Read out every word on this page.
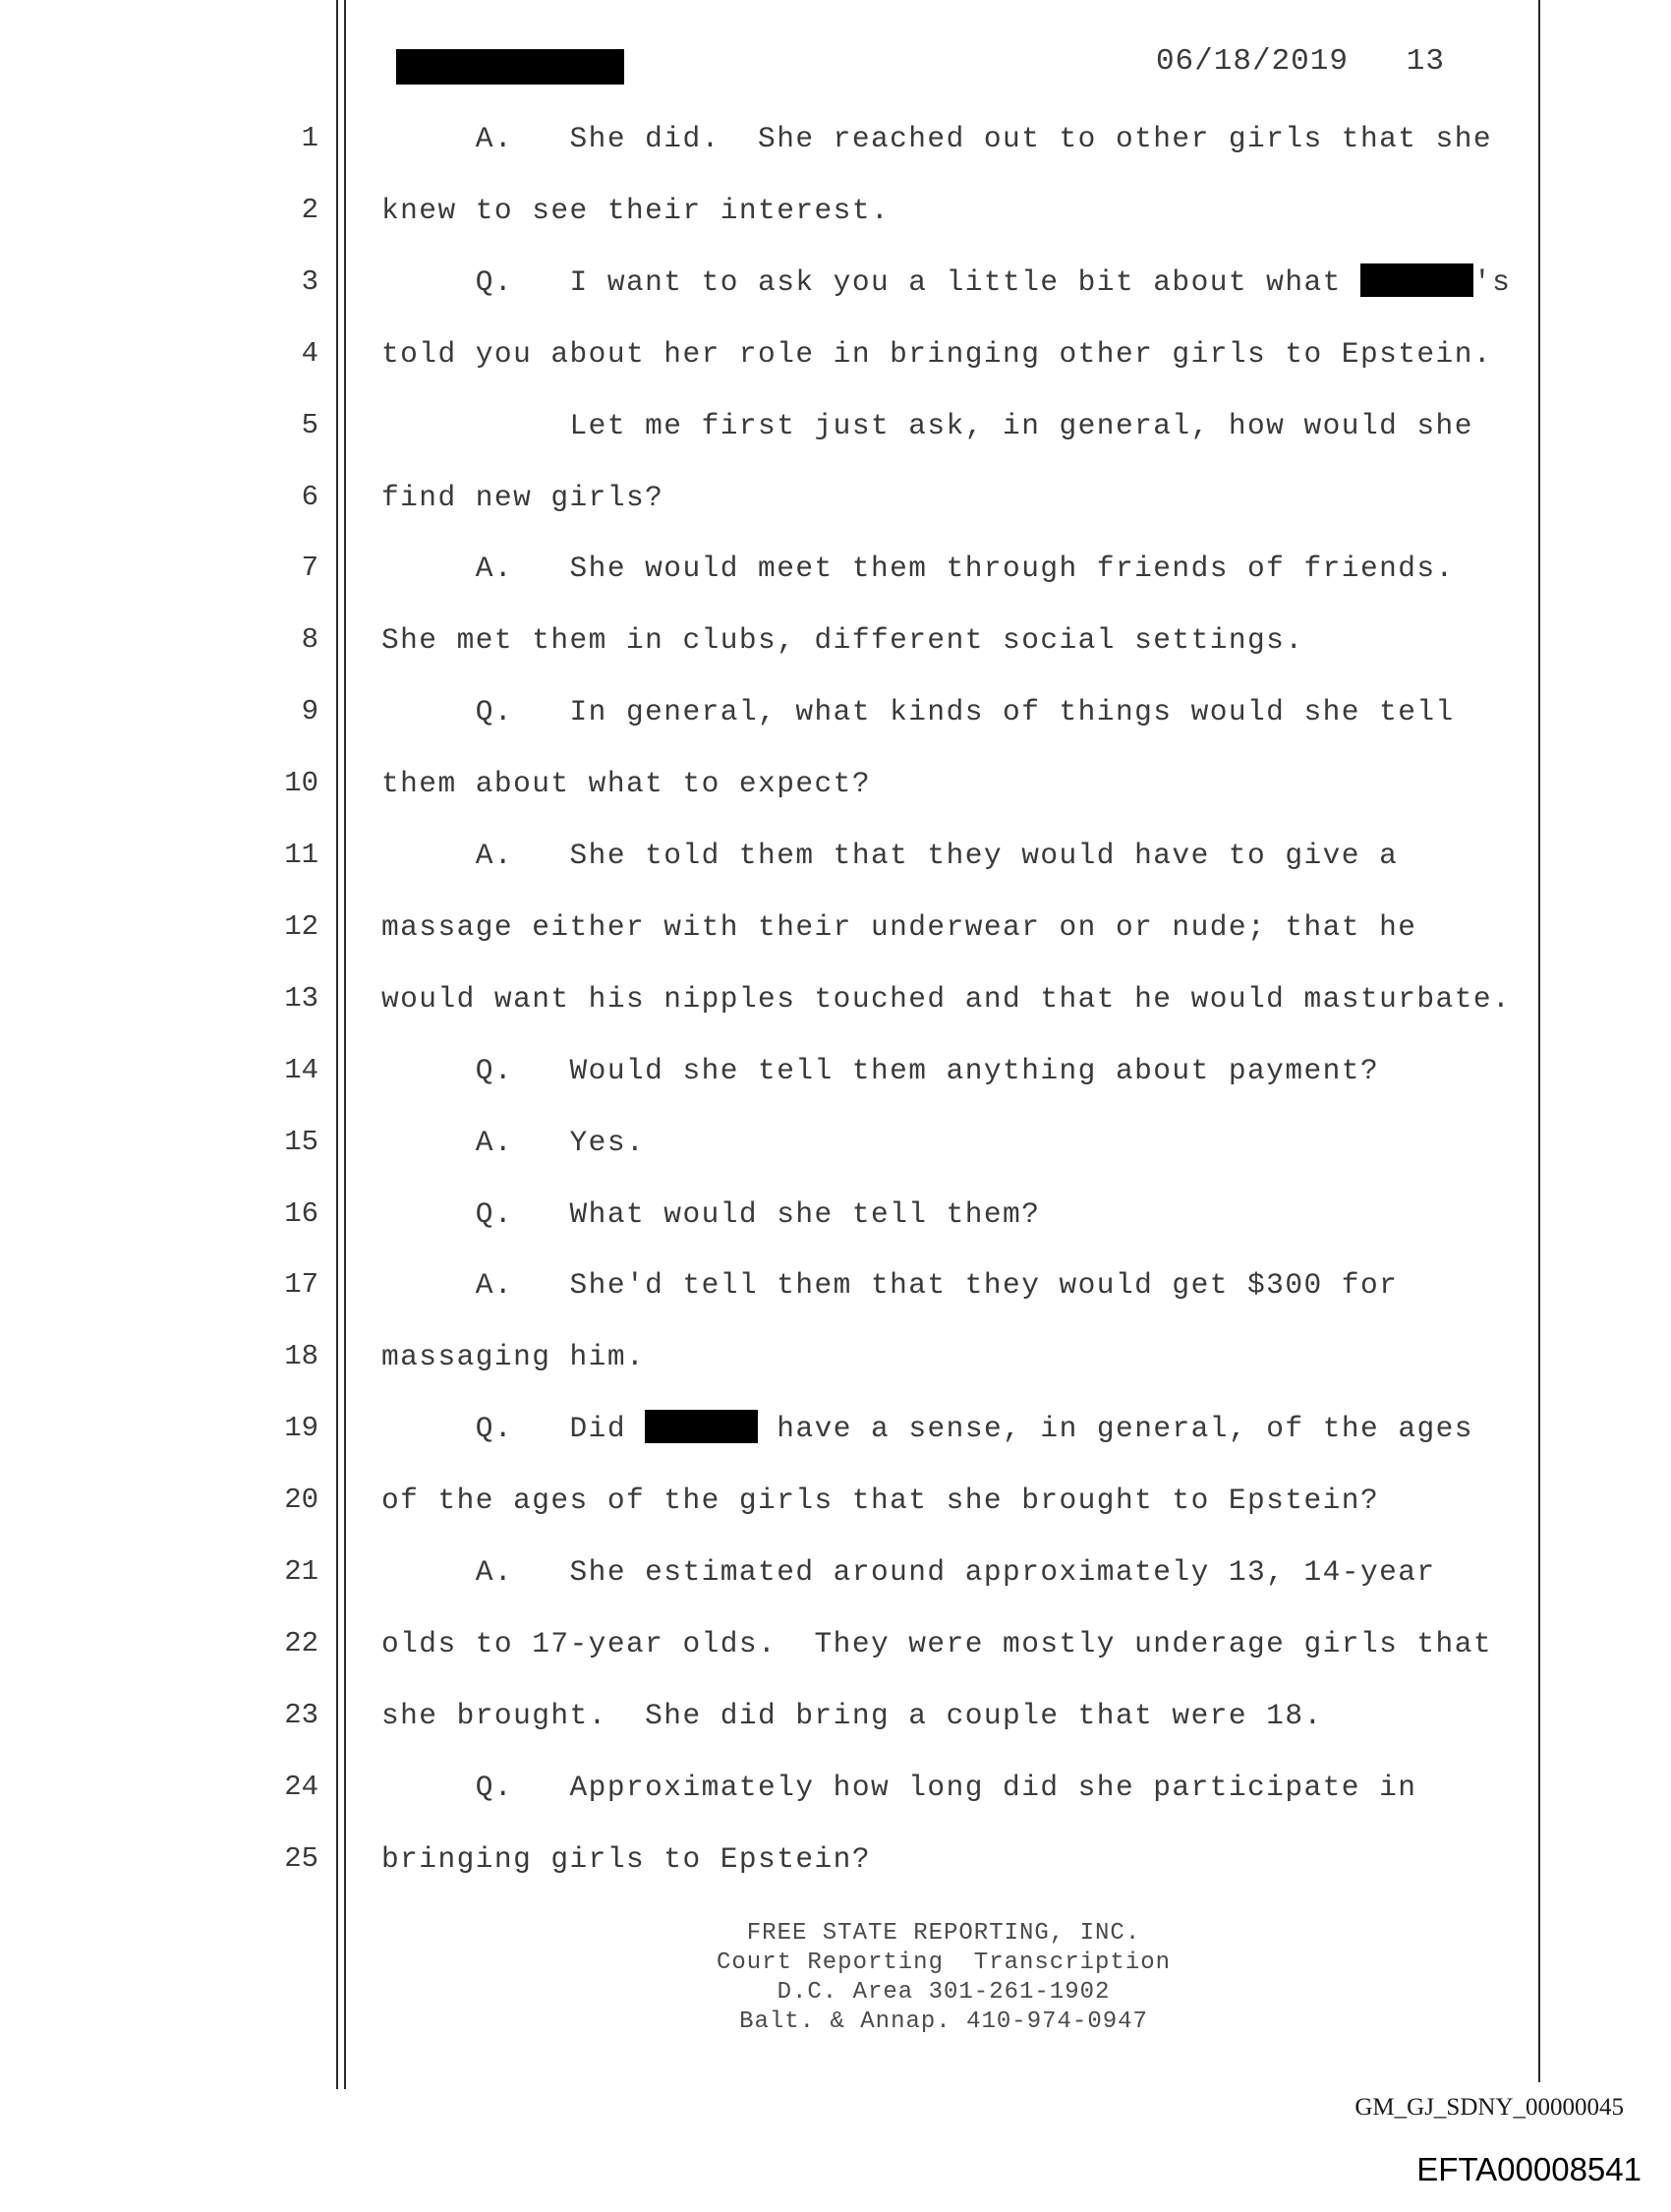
06/18/2019 13
1 A.   She did.  She reached out to other girls that she
2 knew to see their interest.
3 Q.   I want to ask you a little bit about what	's
4 told you about her role in bringing other girls to Epstein.
5 Let me first just ask, in general, how would she
6 find new girls?
7 A.   She would meet them through friends of friends.
8 She met them in clubs, different social settings.
9 Q.   In general, what kinds of things would she tell
10 them about what to expect?
11 A.   She told them that they would have to give a
12 massage either with their underwear on or nude; that he
13 would want his nipples touched and that he would masturbate.
14 Q.   Would she tell them anything about payment?
15 A.   Yes.
16 Q.   What would she tell them?
17 A.   She'd tell them that they would get $300 for
18 massaging him.
19 Q.   Did	have a sense, in general, of the ages
20 of the ages of the girls that she brought to Epstein?
21 A.   She estimated around approximately 13, 14-year
22 olds to 17-year olds.  They were mostly underage girls that
23 she brought.  She did bring a couple that were 18.
24 Q.   Approximately how long did she participate in
25 bringing girls to Epstein?
FREE STATE REPORTING, INC.
Court Reporting  Transcription
D.C. Area 301-261-1902
Balt. & Annap. 410-974-0947
GM_GJ_SDNY_00000045
EFTA00008541
